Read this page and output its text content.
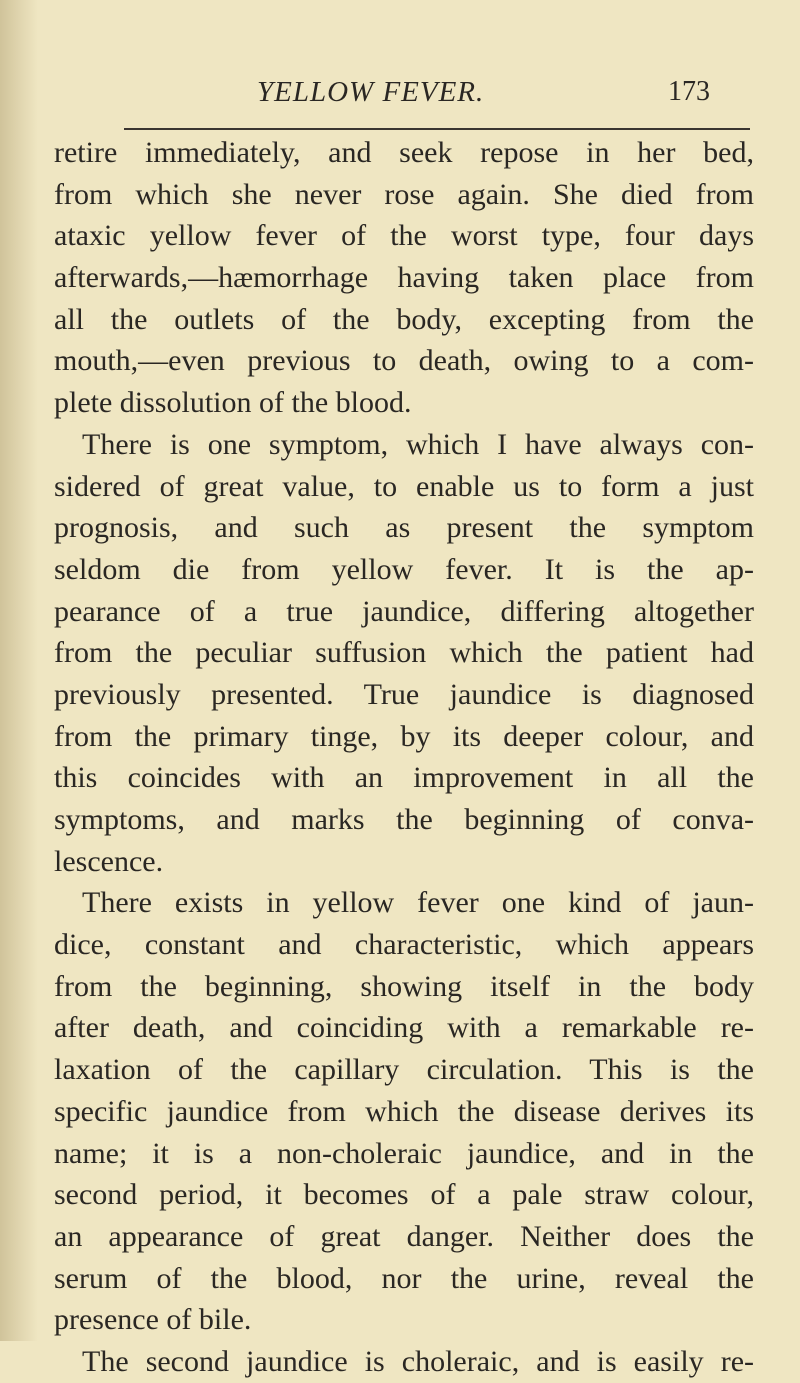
YELLOW FEVER.	173
retire immediately, and seek repose in her bed,
from which she never rose again. She died from
ataxic yellow fever of the worst type, four days
afterwards,—hæmorrhage having taken place from
all the outlets of the body, excepting from the
mouth,—even previous to death, owing to a com-
plete dissolution of the blood.
There is one symptom, which I have always con-
sidered of great value, to enable us to form a just
prognosis, and such as present the symptom
seldom die from yellow fever. It is the ap-
pearance of a true jaundice, differing altogether
from the peculiar suffusion which the patient had
previously presented. True jaundice is diagnosed
from the primary tinge, by its deeper colour, and
this coincides with an improvement in all the
symptoms, and marks the beginning of conva-
lescence.
There exists in yellow fever one kind of jaun-
dice, constant and characteristic, which appears
from the beginning, showing itself in the body
after death, and coinciding with a remarkable re-
laxation of the capillary circulation. This is the
specific jaundice from which the disease derives its
name; it is a non-choleraic jaundice, and in the
second period, it becomes of a pale straw colour,
an appearance of great danger. Neither does the
serum of the blood, nor the urine, reveal the
presence of bile.
The second jaundice is choleraic, and is easily re-
